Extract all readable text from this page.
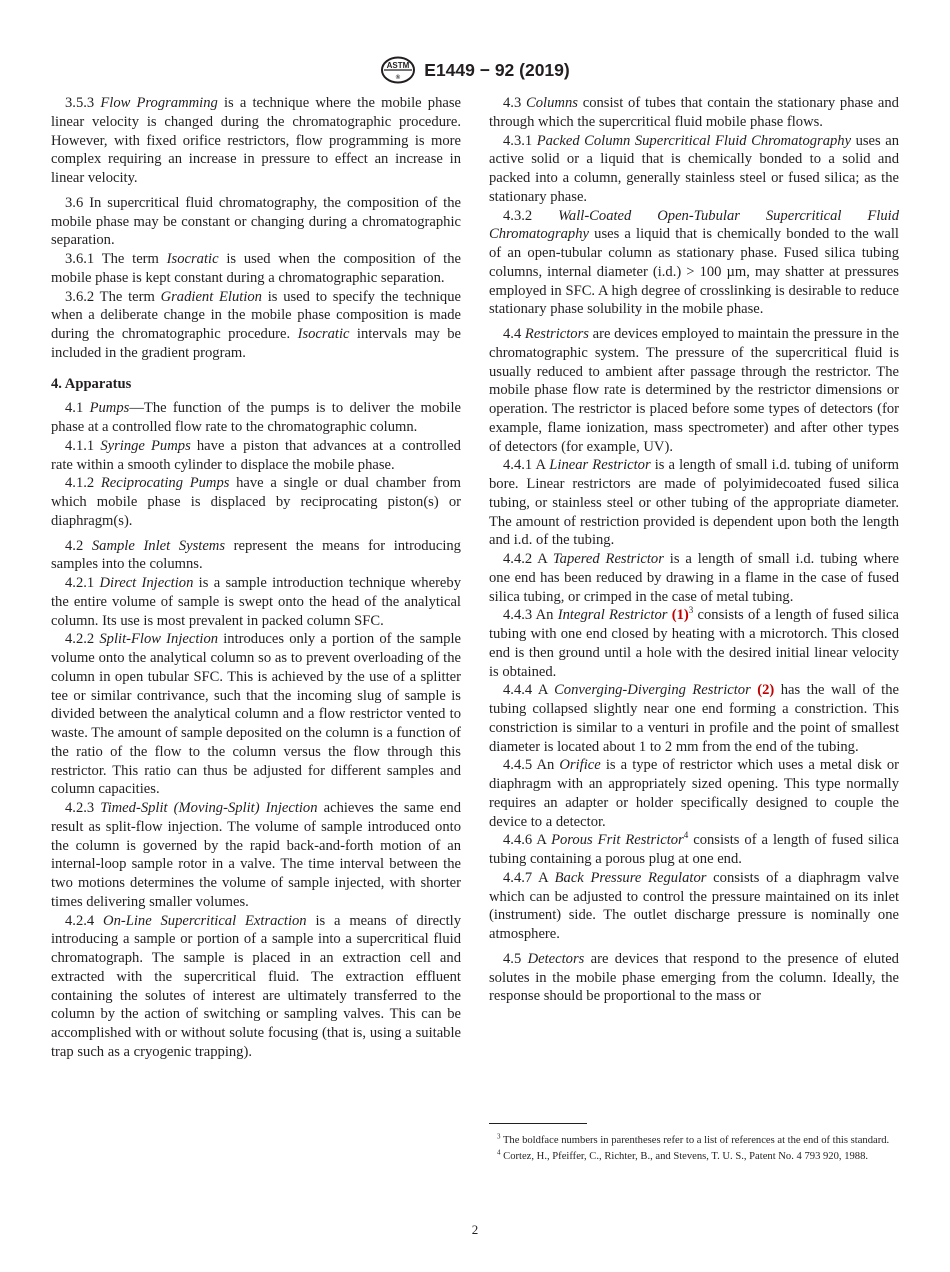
ASTM
® E1449 − 92 (2019)

3.5.3 Flow Programming is a technique where the mobile phase linear velocity is changed during the chromatographic procedure. However, with fixed orifice restrictors, flow programming is more complex requiring an increase in pressure to effect an increase in linear velocity.

3.6 In supercritical fluid chromatography, the composition of the mobile phase may be constant or changing during a chromatographic separation.

3.6.1 The term Isocratic is used when the composition of the mobile phase is kept constant during a chromatographic separation.

3.6.2 The term Gradient Elution is used to specify the technique when a deliberate change in the mobile phase composition is made during the chromatographic procedure. Isocratic intervals may be included in the gradient program.

4. Apparatus

4.1 Pumps—The function of the pumps is to deliver the mobile phase at a controlled flow rate to the chromatographic column.

4.1.1 Syringe Pumps have a piston that advances at a controlled rate within a smooth cylinder to displace the mobile phase.

4.1.2 Reciprocating Pumps have a single or dual chamber from which mobile phase is displaced by reciprocating piston(s) or diaphragm(s).

4.2 Sample Inlet Systems represent the means for introducing samples into the columns.

4.2.1 Direct Injection is a sample introduction technique whereby the entire volume of sample is swept onto the head of the analytical column. Its use is most prevalent in packed column SFC.

4.2.2 Split-Flow Injection introduces only a portion of the sample volume onto the analytical column so as to prevent overloading of the column in open tubular SFC. This is achieved by the use of a splitter tee or similar contrivance, such that the incoming slug of sample is divided between the analytical column and a flow restrictor vented to waste. The amount of sample deposited on the column is a function of the ratio of the flow to the column versus the flow through this restrictor. This ratio can thus be adjusted for different samples and column capacities.

4.2.3 Timed-Split (Moving-Split) Injection achieves the same end result as split-flow injection. The volume of sample introduced onto the column is governed by the rapid back-and-forth motion of an internal-loop sample rotor in a valve. The time interval between the two motions determines the volume of sample injected, with shorter times delivering smaller volumes.

4.2.4 On-Line Supercritical Extraction is a means of directly introducing a sample or portion of a sample into a supercritical fluid chromatograph. The sample is placed in an extraction cell and extracted with the supercritical fluid. The extraction effluent containing the solutes of interest are ultimately transferred to the column by the action of switching or sampling valves. This can be accomplished with or without solute focusing (that is, using a suitable trap such as a cryogenic trapping).

4.3 Columns consist of tubes that contain the stationary phase and through which the supercritical fluid mobile phase flows.

4.3.1 Packed Column Supercritical Fluid Chromatography uses an active solid or a liquid that is chemically bonded to a solid and packed into a column, generally stainless steel or fused silica; as the stationary phase.

4.3.2 Wall-Coated Open-Tubular Supercritical Fluid Chromatography uses a liquid that is chemically bonded to the wall of an open-tubular column as stationary phase. Fused silica tubing columns, internal diameter (i.d.) > 100 µm, may shatter at pressures employed in SFC. A high degree of crosslinking is desirable to reduce stationary phase solubility in the mobile phase.

4.4 Restrictors are devices employed to maintain the pressure in the chromatographic system. The pressure of the supercritical fluid is usually reduced to ambient after passage through the restrictor. The mobile phase flow rate is determined by the restrictor dimensions or operation. The restrictor is placed before some types of detectors (for example, flame ionization, mass spectrometer) and after other types of detectors (for example, UV).

4.4.1 A Linear Restrictor is a length of small i.d. tubing of uniform bore. Linear restrictors are made of polyimidecoated fused silica tubing, or stainless steel or other tubing of the appropriate diameter. The amount of restriction provided is dependent upon both the length and i.d. of the tubing.

4.4.2 A Tapered Restrictor is a length of small i.d. tubing where one end has been reduced by drawing in a flame in the case of fused silica tubing, or crimped in the case of metal tubing.

4.4.3 An Integral Restrictor $(1)^3$ consists of a length of fused silica tubing with one end closed by heating with a microtorch. This closed end is then ground until a hole with the desired initial linear velocity is obtained.

4.4.4 A Converging-Diverging Restrictor (2) has the wall of the tubing collapsed slightly near one end forming a constriction. This constriction is similar to a venturi in profile and the point of smallest diameter is located about 1 to 2 mm from the end of the tubing.

4.4.5 An Orifice is a type of restrictor which uses a metal disk or diaphragm with an appropriately sized opening. This type normally requires an adapter or holder specifically designed to couple the device to a detector.

4.4.6 A Porous Frit Restrictor$^4$ consists of a length of fused silica tubing containing a porous plug at one end.

4.4.7 A Back Pressure Regulator consists of a diaphragm valve which can be adjusted to control the pressure maintained on its inlet (instrument) side. The outlet discharge pressure is nominally one atmosphere.

4.5 Detectors are devices that respond to the presence of eluted solutes in the mobile phase emerging from the column. Ideally, the response should be proportional to the mass or

$^3$ The boldface numbers in parentheses refer to a list of references at the end of this standard.

$^4$ Cortez, H., Pfeiffer, C., Richter, B., and Stevens, T. U. S., Patent No. 4 793 920, 1988.

2
